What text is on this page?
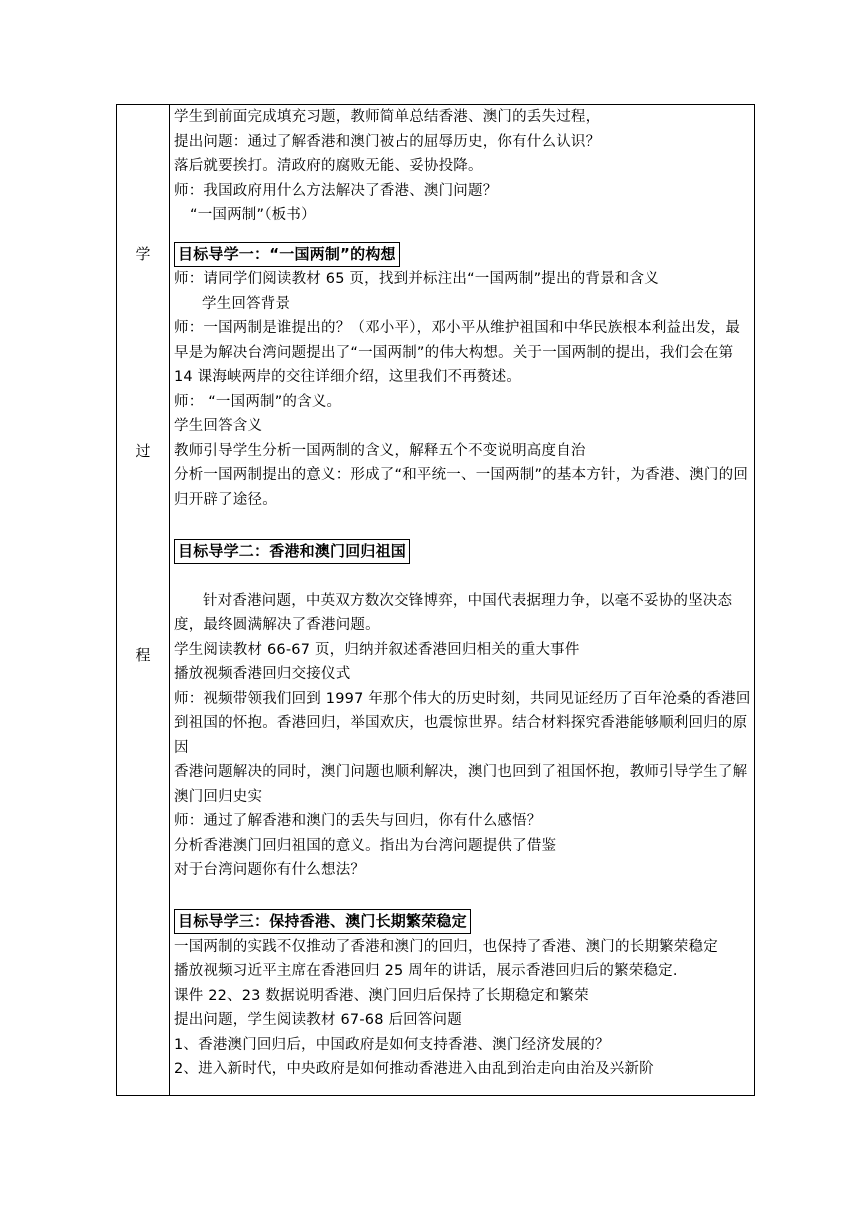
学
过
程

学生到前面完成填充习题，教师简单总结香港、澳门的丢失过程，

提出问题：通过了解香港和澳门被占的屈辱历史，你有什么认识？

落后就要挨打。清政府的腐败无能、妥协投降。

师：我国政府用什么方法解决了香港、澳门问题？

“一国两制”（板书）

目标导学一：“一国两制”的构想

师：请同学们阅读教材 65 页，找到并标注出“一国两制”提出的背景和含义

学生回答背景

师：一国两制是谁提出的？（邓小平），邓小平从维护祖国和中华民族根本利益出发，最早是为解决台湾问题提出了“一国两制”的伟大构想。关于一国两制的提出，我们会在第 14 课海峡两岸的交往详细介绍，这里我们不再赘述。

师： “一国两制”的含义。

学生回答含义

教师引导学生分析一国两制的含义，解释五个不变说明高度自治

分析一国两制提出的意义：形成了“和平统一、一国两制”的基本方针，为香港、澳门的回归开辟了途径。

目标导学二：香港和澳门回归祖国

针对香港问题，中英双方数次交锋博弈，中国代表据理力争，以毫不妥协的坚决态度，最终圆满解决了香港问题。

学生阅读教材 66-67 页，归纳并叙述香港回归相关的重大事件

播放视频香港回归交接仪式

师：视频带领我们回到 1997 年那个伟大的历史时刻，共同见证经历了百年沧桑的香港回到祖国的怀抱。香港回归，举国欢庆，也震惊世界。结合材料探究香港能够顺利回归的原因

香港问题解决的同时，澳门问题也顺利解决，澳门也回到了祖国怀抱，教师引导学生了解澳门回归史实

师：通过了解香港和澳门的丢失与回归，你有什么感悟？

分析香港澳门回归祖国的意义。指出为台湾问题提供了借鉴

对于台湾问题你有什么想法？

目标导学三：保持香港、澳门长期繁荣稳定

一国两制的实践不仅推动了香港和澳门的回归，也保持了香港、澳门的长期繁荣稳定

播放视频习近平主席在香港回归 25 周年的讲话，展示香港回归后的繁荣稳定.

课件 22、23 数据说明香港、澳门回归后保持了长期稳定和繁荣

提出问题，学生阅读教材 67-68 后回答问题

1、香港澳门回归后，中国政府是如何支持香港、澳门经济发展的？

2、进入新时代，中央政府是如何推动香港进入由乱到治走向由治及兴新阶
